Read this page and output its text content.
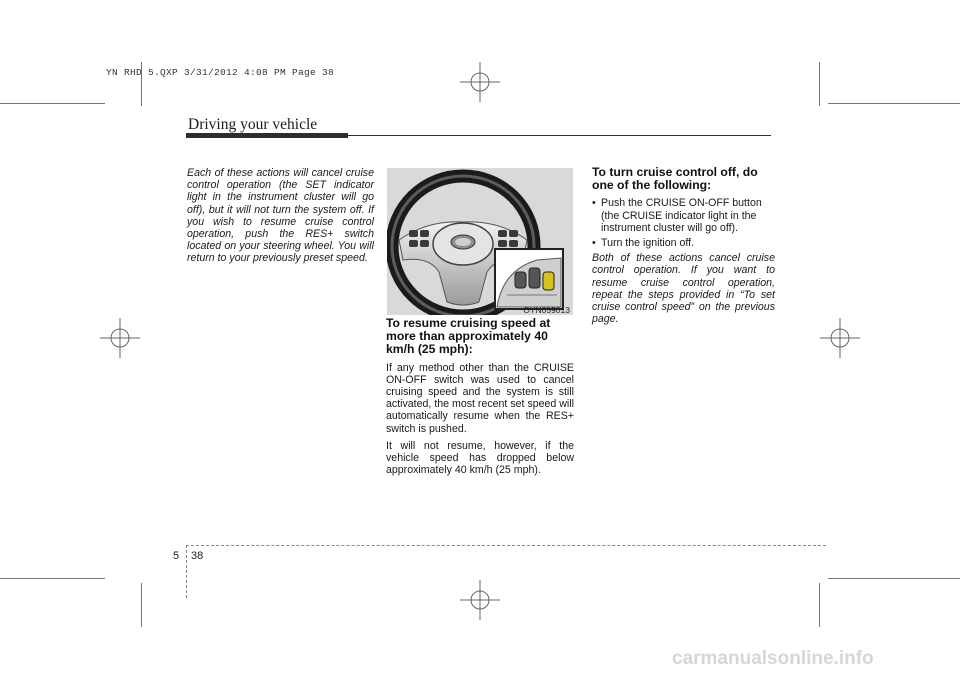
YN RHD 5.QXP 3/31/2012 4:08 PM Page 38
Driving your vehicle

Each of these actions will cancel cruise control operation (the SET indicator light in the instrument cluster will go off), but it will not turn the system off. If you wish to resume cruise control operation, push the RES+ switch located on your steering wheel. You will return to your previously preset speed.

OYN059013
To resume cruising speed at more than approximately 40 km/h (25 mph):

If any method other than the CRUISE ON-OFF switch was used to cancel cruising speed and the system is still activated, the most recent set speed will automatically resume when the RES+ switch is pushed.

It will not resume, however, if the vehicle speed has dropped below approximately 40 km/h (25 mph).

To turn cruise control off, do one of the following:
• Push the CRUISE ON-OFF button (the CRUISE indicator light in the instrument cluster will go off).
• Turn the ignition off.

Both of these actions cancel cruise control operation. If you want to resume cruise control operation, repeat the steps provided in “To set cruise control speed” on the previous page.

5 38
carmanualsonline.info
